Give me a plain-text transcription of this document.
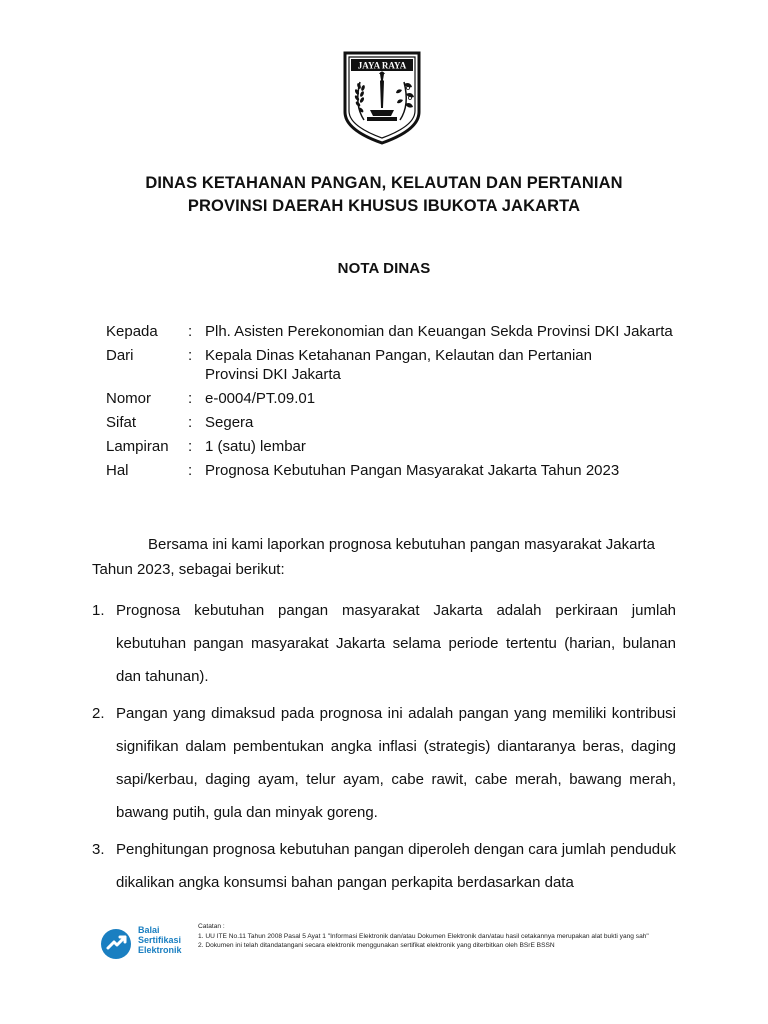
JAYA RAYA
DINAS KETAHANAN PANGAN, KELAUTAN DAN PERTANIAN
PROVINSI DAERAH KHUSUS IBUKOTA JAKARTA
NOTA DINAS
Kepada	: Plh. Asisten Perekonomian dan Keuangan Sekda Provinsi DKI Jakarta
Dari	: Kepala Dinas Ketahanan Pangan, Kelautan dan Pertanian
Provinsi DKI Jakarta
Nomor	: e-0004/PT.09.01
Sifat	: Segera
Lampiran	: 1 (satu) lembar
Hal	: Prognosa Kebutuhan Pangan Masyarakat Jakarta Tahun 2023
Bersama ini kami laporkan prognosa kebutuhan pangan masyarakat Jakarta
Tahun 2023, sebagai berikut:
1. Prognosa kebutuhan pangan masyarakat Jakarta adalah perkiraan jumlah kebutuhan pangan masyarakat Jakarta selama periode tertentu (harian, bulanan dan tahunan).
2. Pangan yang dimaksud pada prognosa ini adalah pangan yang memiliki kontribusi signifikan dalam pembentukan angka inflasi (strategis) diantaranya beras, daging sapi/kerbau, daging ayam, telur ayam, cabe rawit, cabe merah, bawang merah, bawang putih, gula dan minyak goreng.
3. Penghitungan prognosa kebutuhan pangan diperoleh dengan cara jumlah penduduk dikalikan angka konsumsi bahan pangan perkapita berdasarkan data
Balai
Sertifikasi
Elektronik
Catatan :
1. UU ITE No.11 Tahun 2008 Pasal 5 Ayat 1 "Informasi Elektronik dan/atau Dokumen Elektronik dan/atau hasil cetakannya merupakan alat bukti yang sah"
2. Dokumen ini telah ditandatangani secara elektronik menggunakan sertifikat elektronik yang diterbitkan oleh BSrE BSSN
